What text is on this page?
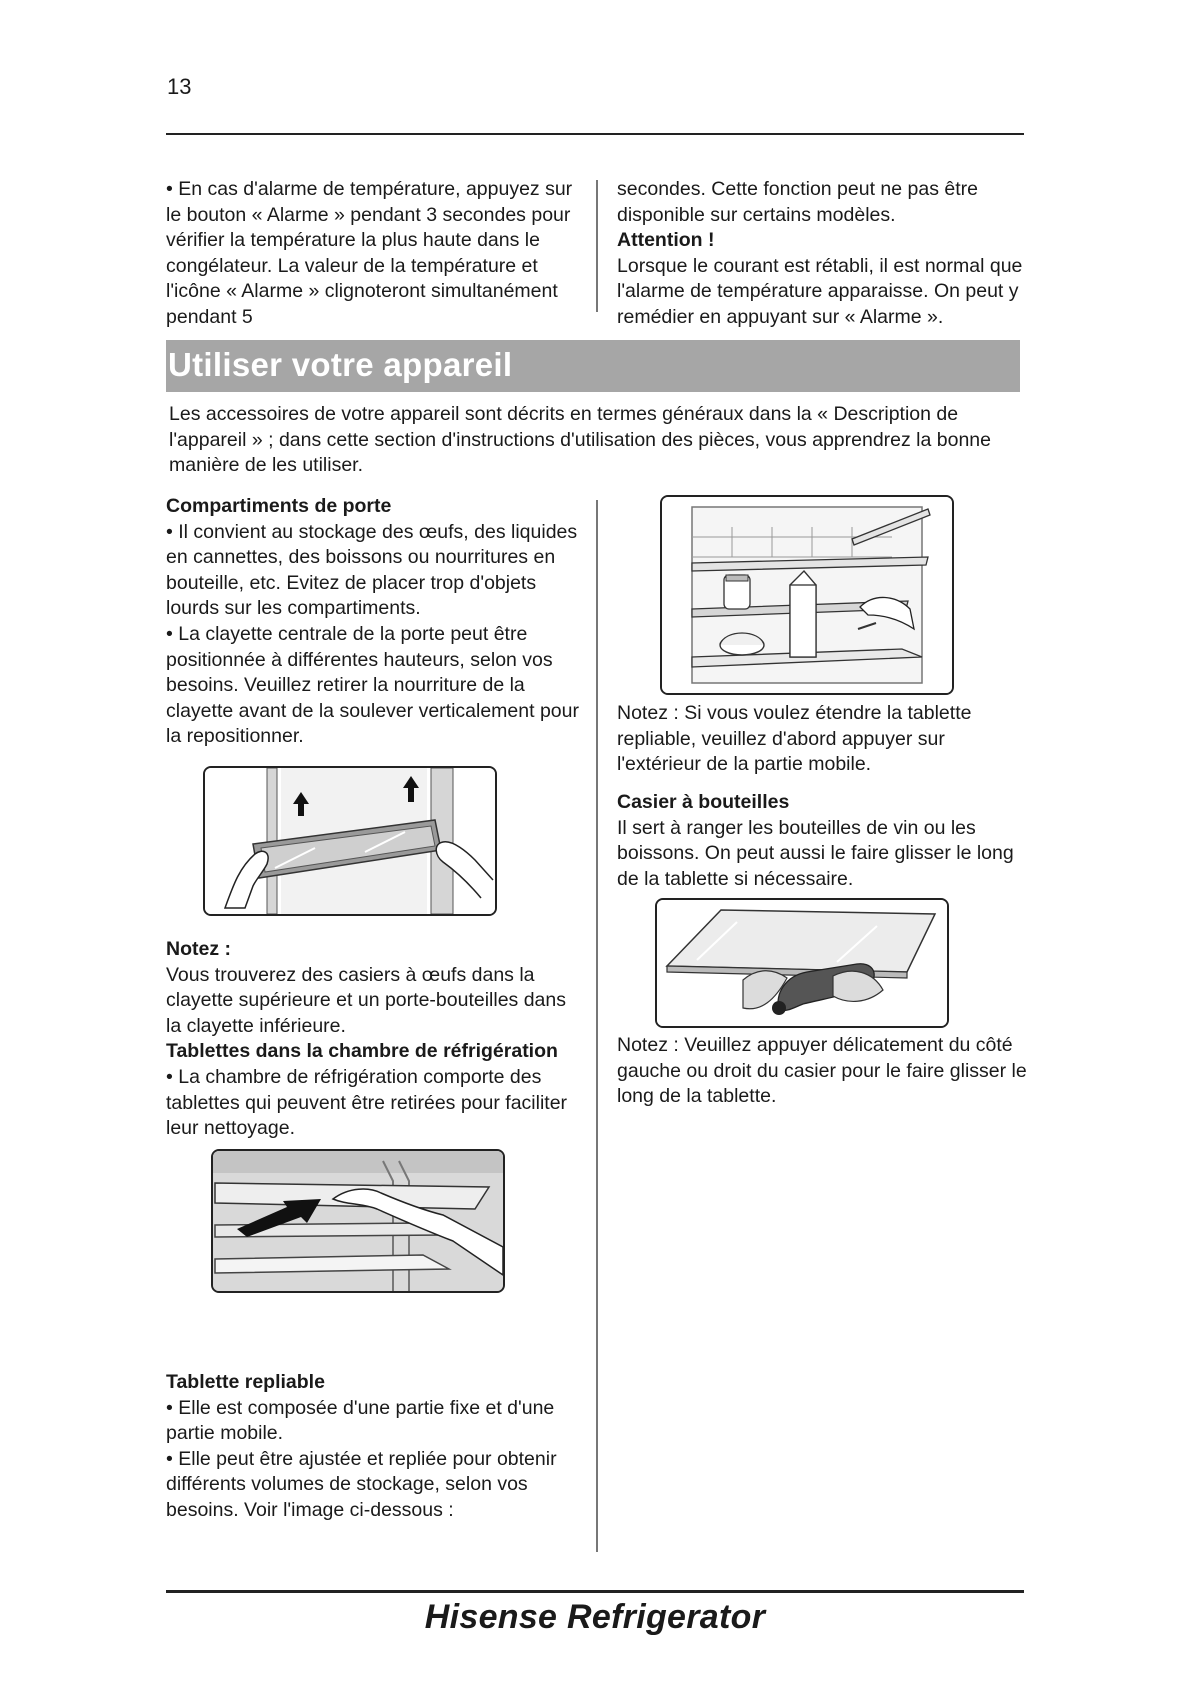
13

• En cas d'alarme de température, appuyez sur le bouton « Alarme » pendant 3 secondes pour vérifier la température la plus haute dans le congélateur. La valeur de la température et l'icône « Alarme » clignoteront simultanément pendant 5

secondes. Cette fonction peut ne pas être disponible sur certains modèles.

Attention !

Lorsque le courant est rétabli, il est normal que l'alarme de température apparaisse. On peut y remédier en appuyant sur « Alarme ».

Utiliser votre appareil
Les accessoires de votre appareil sont décrits en termes généraux dans la « Description de l'appareil » ; dans cette section d'instructions d'utilisation des pièces, vous apprendrez la bonne manière de les utiliser.

Compartiments de porte

• Il convient au stockage des œufs, des liquides en cannettes, des boissons ou nourritures en bouteille, etc. Evitez de placer trop d'objets lourds sur les compartiments.

• La clayette centrale de la porte peut être positionnée à différentes hauteurs, selon vos besoins. Veuillez retirer la nourriture de la clayette avant de la soulever verticalement pour la repositionner.

Notez :

Vous trouverez des casiers à œufs dans la clayette supérieure et un porte-bouteilles dans la clayette inférieure.

Tablettes dans la chambre de réfrigération

• La chambre de réfrigération comporte des tablettes qui peuvent être retirées pour faciliter leur nettoyage.

Tablette repliable

• Elle est composée d'une partie fixe et d'une partie mobile.

• Elle peut être ajustée et repliée pour obtenir différents volumes de stockage, selon vos besoins. Voir l'image ci-dessous :

Notez : Si vous voulez étendre la tablette repliable, veuillez d'abord appuyer sur l'extérieur de la partie mobile.

Casier à bouteilles

Il sert à ranger les bouteilles de vin ou les boissons. On peut aussi le faire glisser le long de la tablette si nécessaire.

Notez : Veuillez appuyer délicatement du côté gauche ou droit du casier pour le faire glisser le long de la tablette.

Hisense Refrigerator
